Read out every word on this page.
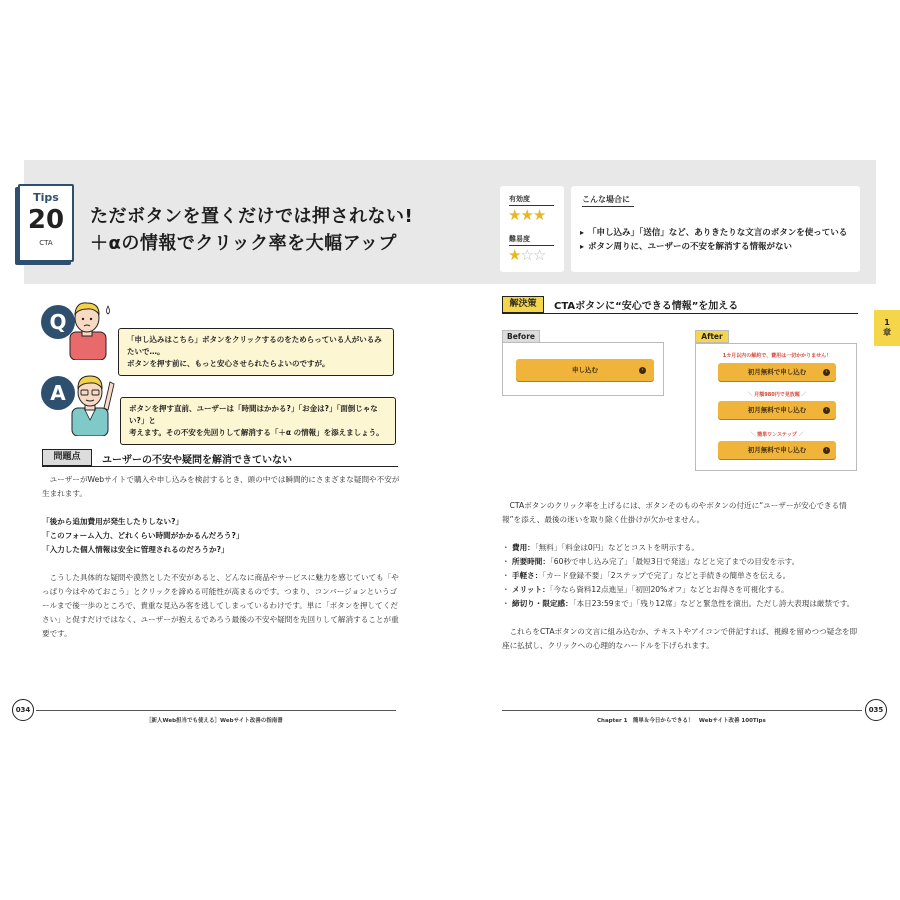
Tips
20
CTA
ただボタンを置くだけでは押されない!
＋αの情報でクリック率を大幅アップ
有効度
★★★
難易度
★☆☆
こんな場合に
▸ 「申し込み」「送信」など、ありきたりな文言のボタンを使っている
▸ ボタン周りに、ユーザーの不安を解消する情報がない
Q
「申し込みはこちら」ボタンをクリックするのをためらっている人がいるみたいで…。
ボタンを押す前に、もっと安心させられたらよいのですが。
A
ボタンを押す直前、ユーザーは「時間はかかる?」「お金は?」「面倒じゃない?」と
考えます。その不安を先回りして解消する「＋α の情報」を添えましょう。
問題点	ユーザーの不安や疑問を解消できていない

ユーザーがWebサイトで購入や申し込みを検討するとき、頭の中では瞬間的にさまざまな疑問や不安が生まれます。

「後から追加費用が発生したりしない?」
「このフォーム入力、どれくらい時間がかかるんだろう?」
「入力した個人情報は安全に管理されるのだろうか?」

こうした具体的な疑問や漠然とした不安があると、どんなに商品やサービスに魅力を感じていても「やっぱり今はやめておこう」とクリックを諦める可能性が高まるのです。つまり、コンバージョンというゴールまで後一歩のところで、貴重な見込み客を逃してしまっているわけです。単に「ボタンを押してください」と促すだけではなく、ユーザーが抱えるであろう最後の不安や疑問を先回りして解消することが重要です。

1
章
解決策	CTAボタンに“安心できる情報”を加える
Before
申し込む	›
After
1カ月以内の解約で、費用は一切かかりません！
初月無料で申し込む	›
＼ 月額980円で見放題 ／
初月無料で申し込む	›
＼ 簡単ワンステップ ／
初月無料で申し込む	›

CTAボタンのクリック率を上げるには、ボタンそのものやボタンの付近に“ユーザーが安心できる情報”を添え、最後の迷いを取り除く仕掛けが欠かせません。

・ 費用：「無料」「料金は0円」などとコストを明示する。
・ 所要時間：「60秒で申し込み完了」「最短3日で発送」などと完了までの目安を示す。
・ 手軽さ：「カード登録不要」「2ステップで完了」などと手続きの簡単さを伝える。
・ メリット：「今なら資料12点進呈」「初回20%オフ」などとお得さを可視化する。
・ 締切り・限定感：「本日23:59まで」「残り12席」などと緊急性を演出。ただし誇大表現は厳禁です。

これらをCTAボタンの文言に組み込むか、テキストやアイコンで併記すれば、視線を留めつつ疑念を即座に払拭し、クリックへの心理的なハードルを下げられます。

034
［新人Web担当でも使える］Webサイト改善の指南書
035
Chapter 1　簡単＆今日からできる！　Webサイト改善 100Tips
